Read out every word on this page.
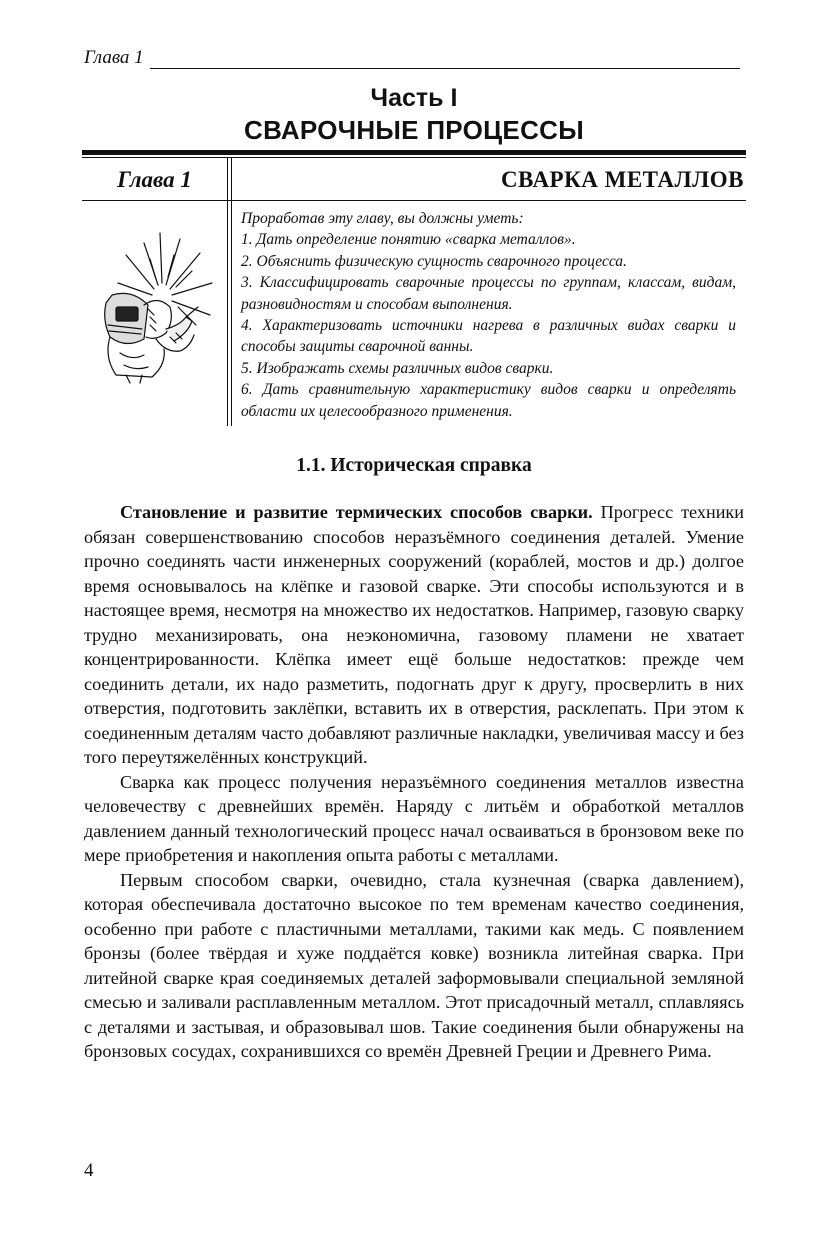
Глава 1
Часть I
СВАРОЧНЫЕ ПРОЦЕССЫ
Глава 1	СВАРКА МЕТАЛЛОВ
Проработав эту главу, вы должны уметь:
1. Дать определение понятию «сварка металлов».
2. Объяснить физическую сущность сварочного процесса.
3. Классифицировать сварочные процессы по группам, классам, видам, разновидностям и способам выполнения.
4. Характеризовать источники нагрева в различных видах сварки и способы защиты сварочной ванны.
5. Изображать схемы различных видов сварки.
6. Дать сравнительную характеристику видов сварки и определять области их целесообразного применения.
1.1. Историческая справка

Становление и развитие термических способов сварки. Прогресс техники обязан совершенствованию способов неразъёмного соединения деталей. Умение прочно соединять части инженерных сооружений (кораблей, мостов и др.) долгое время основывалось на клёпке и газовой сварке. Эти способы используются и в настоящее время, несмотря на множество их недостатков. Например, газовую сварку трудно механизировать, она неэкономична, газовому пламени не хватает концентрированности. Клёпка имеет ещё больше недостатков: прежде чем соединить детали, их надо разметить, подогнать друг к другу, просверлить в них отверстия, подготовить заклёпки, вставить их в отверстия, расклепать. При этом к соединенным деталям часто добавляют различные накладки, увеличивая массу и без того переутяжелённых конструкций.

Сварка как процесс получения неразъёмного соединения металлов известна человечеству с древнейших времён. Наряду с литьём и обработкой металлов давлением данный технологический процесс начал осваиваться в бронзовом веке по мере приобретения и накопления опыта работы с металлами.

Первым способом сварки, очевидно, стала кузнечная (сварка давлением), которая обеспечивала достаточно высокое по тем временам качество соединения, особенно при работе с пластичными металлами, такими как медь. С появлением бронзы (более твёрдая и хуже поддаётся ковке) возникла литейная сварка. При литейной сварке края соединяемых деталей заформовывали специальной земляной смесью и заливали расплавленным металлом. Этот присадочный металл, сплавляясь с деталями и застывая, и образовывал шов. Такие соединения были обнаружены на бронзовых сосудах, сохранившихся со времён Древней Греции и Древнего Рима.

4
